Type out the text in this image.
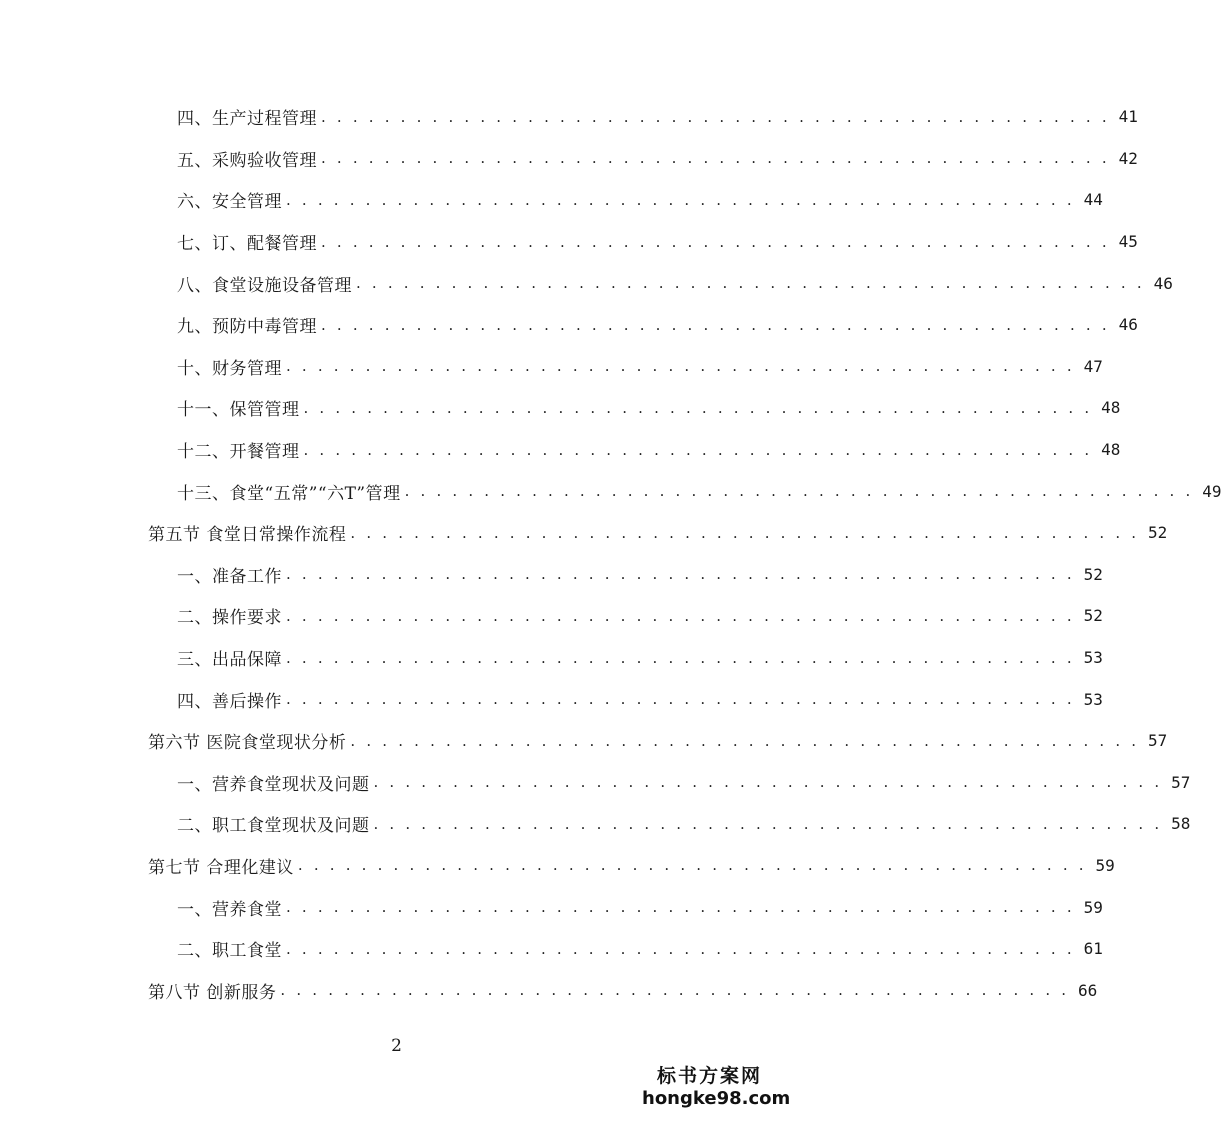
四、生产过程管理 . . . . . . . . . . . . . . . . . . . . . . . . . . . . . . . . . . . . . . . . . . . . . . . . . . 41
五、采购验收管理 . . . . . . . . . . . . . . . . . . . . . . . . . . . . . . . . . . . . . . . . . . . . . . . . . . 42
六、安全管理 . . . . . . . . . . . . . . . . . . . . . . . . . . . . . . . . . . . . . . . . . . . . . . . . . . 44
七、订、配餐管理 . . . . . . . . . . . . . . . . . . . . . . . . . . . . . . . . . . . . . . . . . . . . . . . . . . 45
八、食堂设施设备管理 . . . . . . . . . . . . . . . . . . . . . . . . . . . . . . . . . . . . . . . . . . . . . . . . . . 46
九、预防中毒管理 . . . . . . . . . . . . . . . . . . . . . . . . . . . . . . . . . . . . . . . . . . . . . . . . . . 46
十、财务管理 . . . . . . . . . . . . . . . . . . . . . . . . . . . . . . . . . . . . . . . . . . . . . . . . . . 47
十一、保管管理 . . . . . . . . . . . . . . . . . . . . . . . . . . . . . . . . . . . . . . . . . . . . . . . . . . 48
十二、开餐管理 . . . . . . . . . . . . . . . . . . . . . . . . . . . . . . . . . . . . . . . . . . . . . . . . . . 48
十三、食堂“五常”“六T”管理 . . . . . . . . . . . . . . . . . . . . . . . . . . . . . . . . . . . . . . . . . . . . . . . . . . 49
第五节 食堂日常操作流程 . . . . . . . . . . . . . . . . . . . . . . . . . . . . . . . . . . . . . . . . . . . . . . . . . . 52
一、准备工作 . . . . . . . . . . . . . . . . . . . . . . . . . . . . . . . . . . . . . . . . . . . . . . . . . . 52
二、操作要求 . . . . . . . . . . . . . . . . . . . . . . . . . . . . . . . . . . . . . . . . . . . . . . . . . . 52
三、出品保障 . . . . . . . . . . . . . . . . . . . . . . . . . . . . . . . . . . . . . . . . . . . . . . . . . . 53
四、善后操作 . . . . . . . . . . . . . . . . . . . . . . . . . . . . . . . . . . . . . . . . . . . . . . . . . . 53
第六节 医院食堂现状分析 . . . . . . . . . . . . . . . . . . . . . . . . . . . . . . . . . . . . . . . . . . . . . . . . . . 57
一、营养食堂现状及问题 . . . . . . . . . . . . . . . . . . . . . . . . . . . . . . . . . . . . . . . . . . . . . . . . . . 57
二、职工食堂现状及问题 . . . . . . . . . . . . . . . . . . . . . . . . . . . . . . . . . . . . . . . . . . . . . . . . . . 58
第七节 合理化建议 . . . . . . . . . . . . . . . . . . . . . . . . . . . . . . . . . . . . . . . . . . . . . . . . . . 59
一、营养食堂 . . . . . . . . . . . . . . . . . . . . . . . . . . . . . . . . . . . . . . . . . . . . . . . . . . 59
二、职工食堂 . . . . . . . . . . . . . . . . . . . . . . . . . . . . . . . . . . . . . . . . . . . . . . . . . . 61
第八节 创新服务 . . . . . . . . . . . . . . . . . . . . . . . . . . . . . . . . . . . . . . . . . . . . . . . . . . 66
2
标书方案网
hongke98.com
